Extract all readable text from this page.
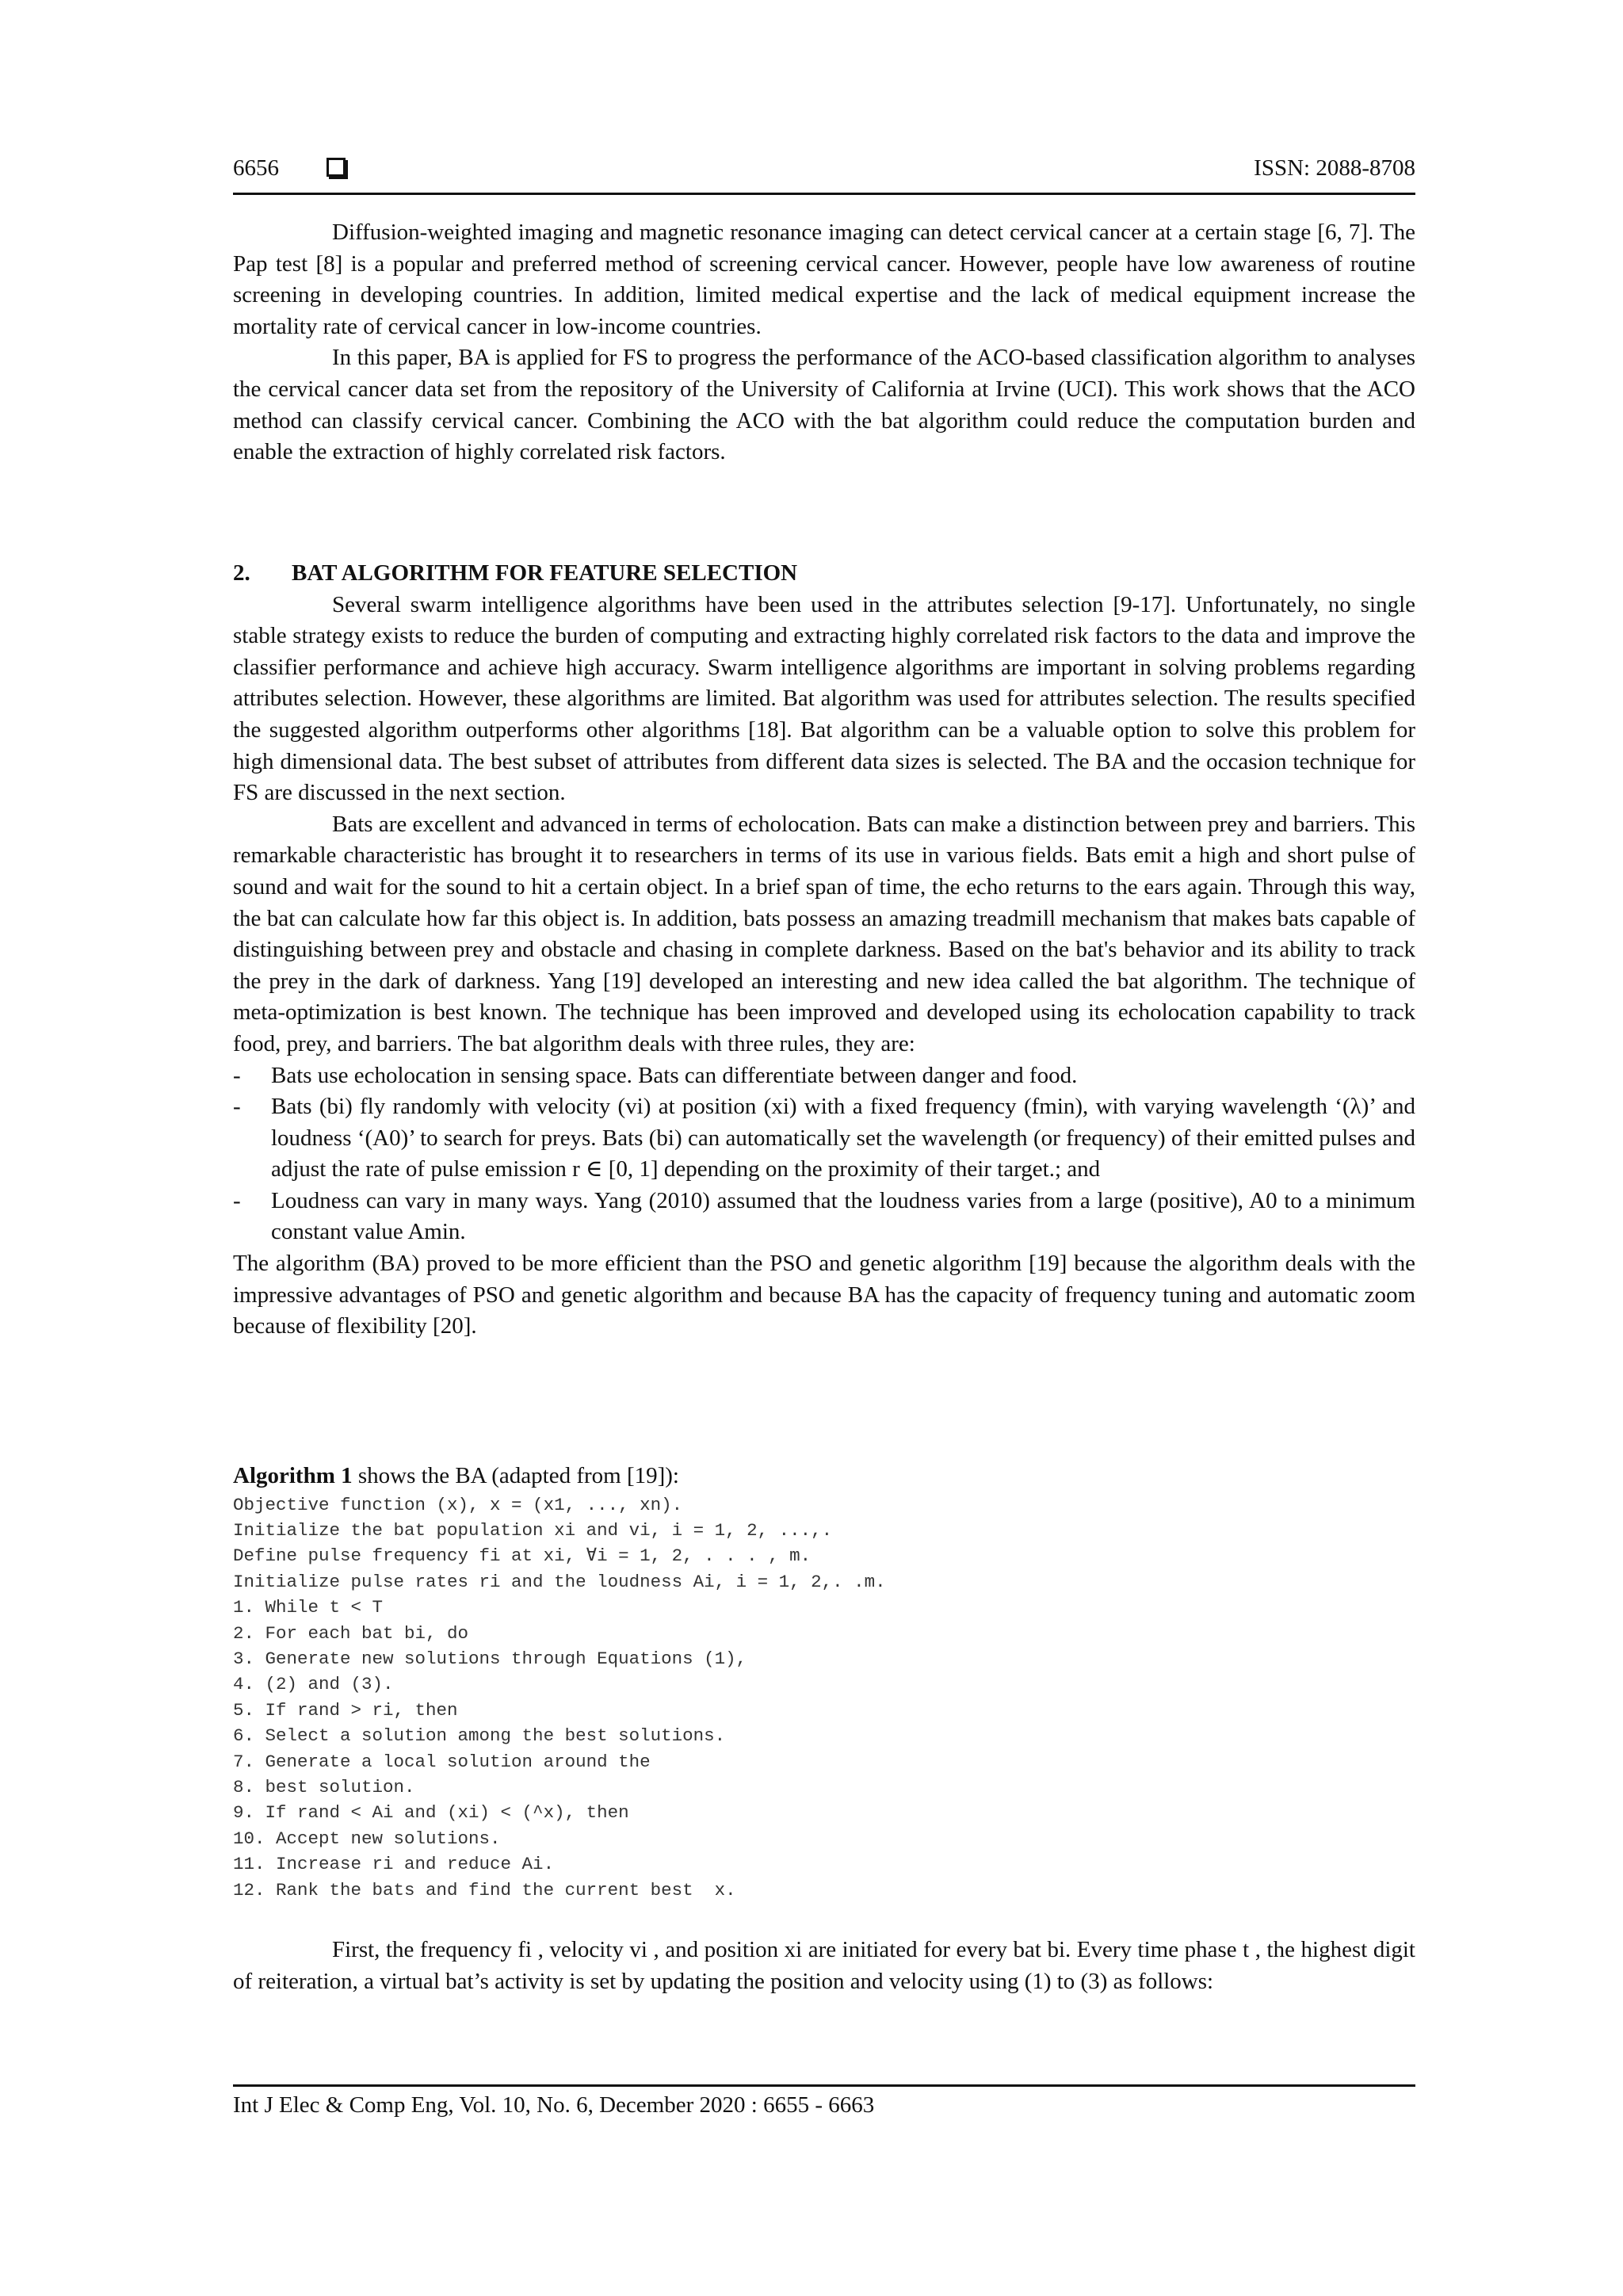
6656	ISSN: 2088-8708

Diffusion-weighted imaging and magnetic resonance imaging can detect cervical cancer at a certain stage [6, 7]. The Pap test [8] is a popular and preferred method of screening cervical cancer. However, people have low awareness of routine screening in developing countries. In addition, limited medical expertise and the lack of medical equipment increase the mortality rate of cervical cancer in low-income countries.

In this paper, BA is applied for FS to progress the performance of the ACO-based classification algorithm to analyses the cervical cancer data set from the repository of the University of California at Irvine (UCI). This work shows that the ACO method can classify cervical cancer. Combining the ACO with the bat algorithm could reduce the computation burden and enable the extraction of highly correlated risk factors.

2. BAT ALGORITHM FOR FEATURE SELECTION

Several swarm intelligence algorithms have been used in the attributes selection [9-17]. Unfortunately, no single stable strategy exists to reduce the burden of computing and extracting highly correlated risk factors to the data and improve the classifier performance and achieve high accuracy. Swarm intelligence algorithms are important in solving problems regarding attributes selection. However, these algorithms are limited. Bat algorithm was used for attributes selection. The results specified the suggested algorithm outperforms other algorithms [18]. Bat algorithm can be a valuable option to solve this problem for high dimensional data. The best subset of attributes from different data sizes is selected. The BA and the occasion technique for FS are discussed in the next section.

Bats are excellent and advanced in terms of echolocation. Bats can make a distinction between prey and barriers. This remarkable characteristic has brought it to researchers in terms of its use in various fields. Bats emit a high and short pulse of sound and wait for the sound to hit a certain object. In a brief span of time, the echo returns to the ears again. Through this way, the bat can calculate how far this object is. In addition, bats possess an amazing treadmill mechanism that makes bats capable of distinguishing between prey and obstacle and chasing in complete darkness. Based on the bat's behavior and its ability to track the prey in the dark of darkness. Yang [19] developed an interesting and new idea called the bat algorithm. The technique of meta-optimization is best known. The technique has been improved and developed using its echolocation capability to track food, prey, and barriers. The bat algorithm deals with three rules, they are:

- Bats use echolocation in sensing space. Bats can differentiate between danger and food.
- Bats (bi) fly randomly with velocity (vi) at position (xi) with a fixed frequency (fmin), with varying wavelength ‘(λ)’ and loudness ‘(A0)’ to search for preys. Bats (bi) can automatically set the wavelength (or frequency) of their emitted pulses and adjust the rate of pulse emission r ∈ [0, 1] depending on the proximity of their target.; and
- Loudness can vary in many ways. Yang (2010) assumed that the loudness varies from a large (positive), A0 to a minimum constant value Amin.

The algorithm (BA) proved to be more efficient than the PSO and genetic algorithm [19] because the algorithm deals with the impressive advantages of PSO and genetic algorithm and because BA has the capacity of frequency tuning and automatic zoom because of flexibility [20].

Algorithm 1 shows the BA (adapted from [19]):

Objective function (x), x = (x1, ..., xn).
Initialize the bat population xi and vi, i = 1, 2, ...,.
Define pulse frequency fi at xi, ∀i = 1, 2, . . . , m.
Initialize pulse rates ri and the loudness Ai, i = 1, 2,. .m.
1. While t < T
2. For each bat bi, do
3. Generate new solutions through Equations (1),
4. (2) and (3).
5. If rand > ri, then
6. Select a solution among the best solutions.
7. Generate a local solution around the
8. best solution.
9. If rand < Ai and (xi) < (^x), then
10. Accept new solutions.
11. Increase ri and reduce Ai.
12. Rank the bats and find the current best  x.

First, the frequency fi , velocity vi , and position xi are initiated for every bat bi. Every time phase t , the highest digit of reiteration, a virtual bat’s activity is set by updating the position and velocity using (1) to (3) as follows:

Int J Elec & Comp Eng, Vol. 10, No. 6, December 2020 : 6655 - 6663
